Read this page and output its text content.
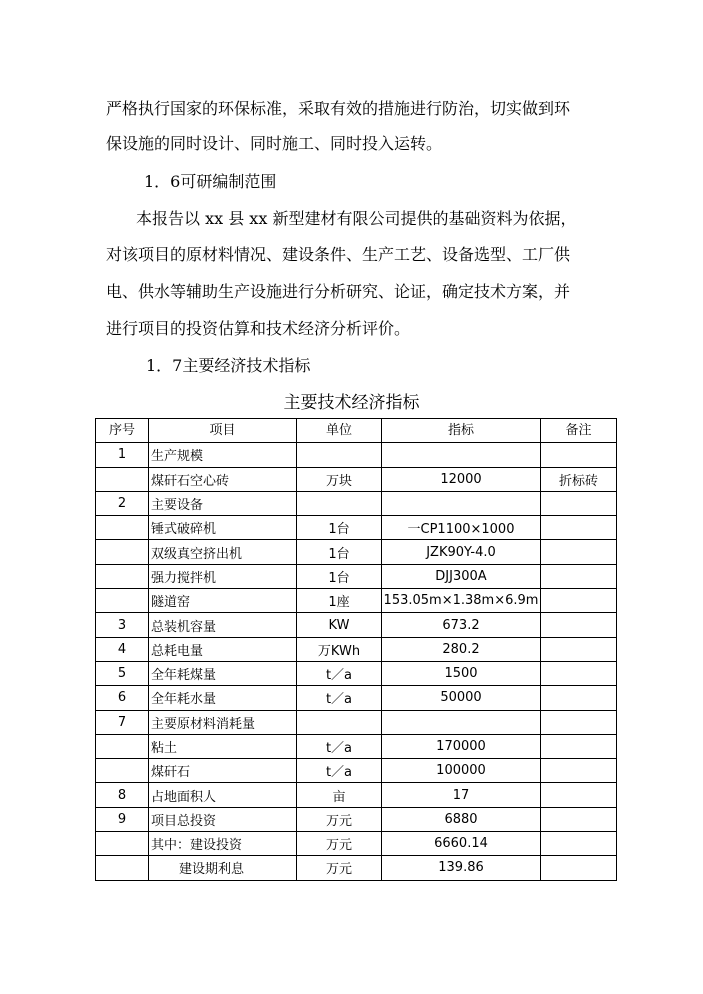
严格执行国家的环保标准，采取有效的措施进行防治，切实做到环
保设施的同时设计、同时施工、同时投入运转。
1．6可研编制范围
本报告以 xx 县 xx 新型建材有限公司提供的基础资料为依据，
对该项目的原材料情况、建设条件、生产工艺、设备选型、工厂供
电、供水等辅助生产设施进行分析研究、论证，确定技术方案，并
进行项目的投资估算和技术经济分析评价。
1．7主要经济技术指标
主要技术经济指标
序号	项目	单位	指标	备注
1	生产规模			
	煤矸石空心砖	万块	12000	折标砖
2	主要设备			
	锤式破碎机	1台	一CP1100×1000	
	双级真空挤出机	1台	JZK90Y-4.0	
	强力搅拌机	1台	DJJ300A	
	隧道窑	1座	153.05m×1.38m×6.9m	
3	总装机容量	KW	673.2	
4	总耗电量	万KWh	280.2	
5	全年耗煤量	t／a	1500	
6	全年耗水量	t／a	50000	
7	主要原材料消耗量			
	粘土	t／a	170000	
	煤矸石	t／a	100000	
8	占地面积人	亩	17	
9	项目总投资	万元	6880	
	其中：建设投资	万元	6660.14	
	建设期利息	万元	139.86	
